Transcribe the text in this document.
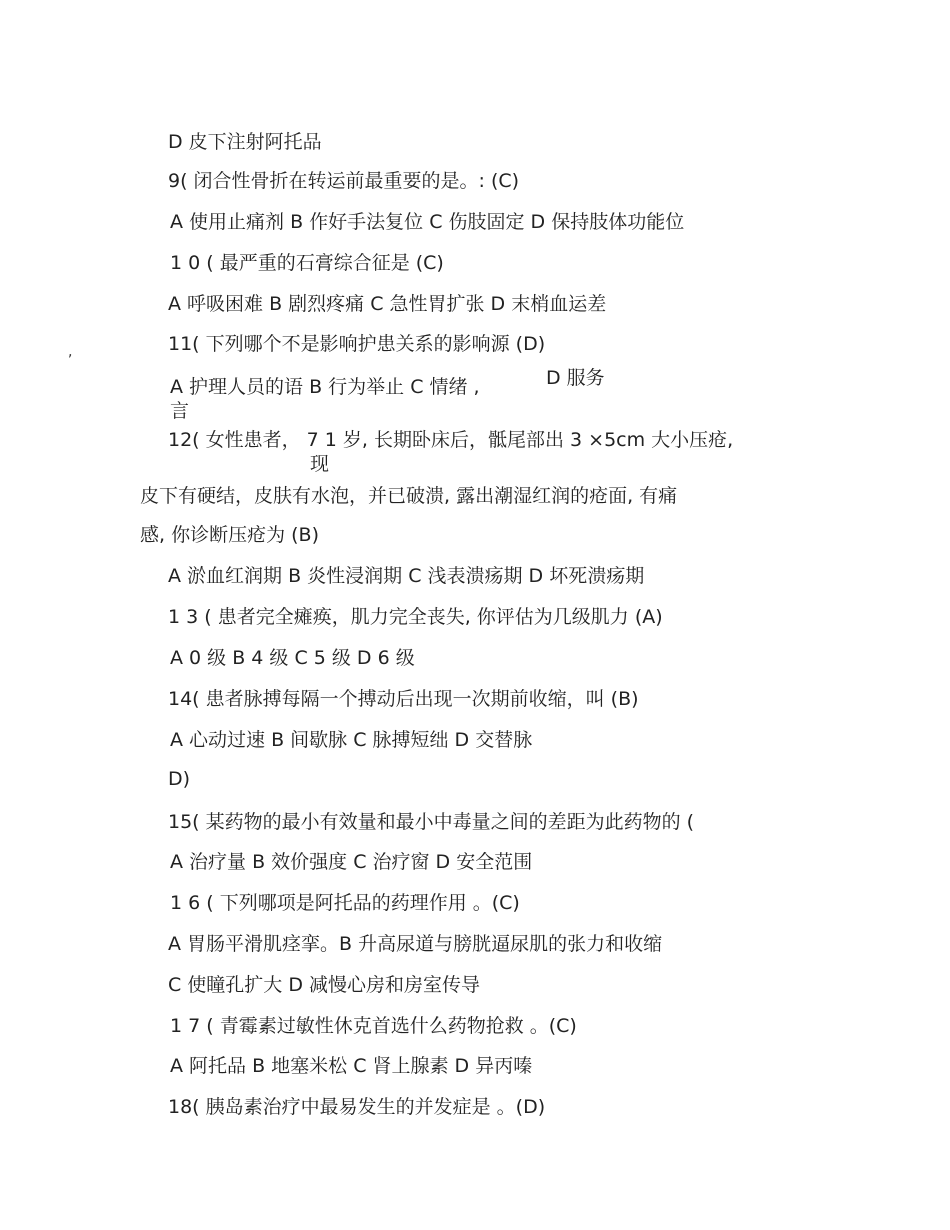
D 皮下注射阿托品
9( 闭合性骨折在转运前最重要的是。: (C)
A 使用止痛剂 B 作好手法复位 C 伤肢固定 D 保持肢体功能位
1 0 ( 最严重的石膏综合征是 (C)
A 呼吸困难 B 剧烈疼痛 C 急性胃扩张 D 末梢血运差
11( 下列哪个不是影响护患关系的影响源 (D)
,
A 护理人员的语 B 行为举止 C 情绪 ,	D 服务
言
12( 女性患者， 7 1 岁, 长期卧床后，骶尾部出 3 ×5cm 大小压疮,
现
皮下有硬结，皮肤有水泡，并已破溃, 露出潮湿红润的疮面, 有痛
感, 你诊断压疮为 (B)
A 淤血红润期 B 炎性浸润期 C 浅表溃疡期 D 坏死溃疡期
1 3 ( 患者完全瘫痪，肌力完全丧失, 你评估为几级肌力 (A)
A 0 级 B 4 级 C 5 级 D 6 级
14( 患者脉搏每隔一个搏动后出现一次期前收缩，叫 (B)
A 心动过速 B 间歇脉 C 脉搏短绌 D 交替脉
D)
15( 某药物的最小有效量和最小中毒量之间的差距为此药物的 (
A 治疗量 B 效价强度 C 治疗窗 D 安全范围
1 6 ( 下列哪项是阿托品的药理作用 。(C)
A 胃肠平滑肌痉挛。B 升高尿道与膀胱逼尿肌的张力和收缩
C 使瞳孔扩大 D 减慢心房和房室传导
1 7 ( 青霉素过敏性休克首选什么药物抢救 。(C)
A 阿托品 B 地塞米松 C 肾上腺素 D 异丙嗪
18( 胰岛素治疗中最易发生的并发症是 。(D)
